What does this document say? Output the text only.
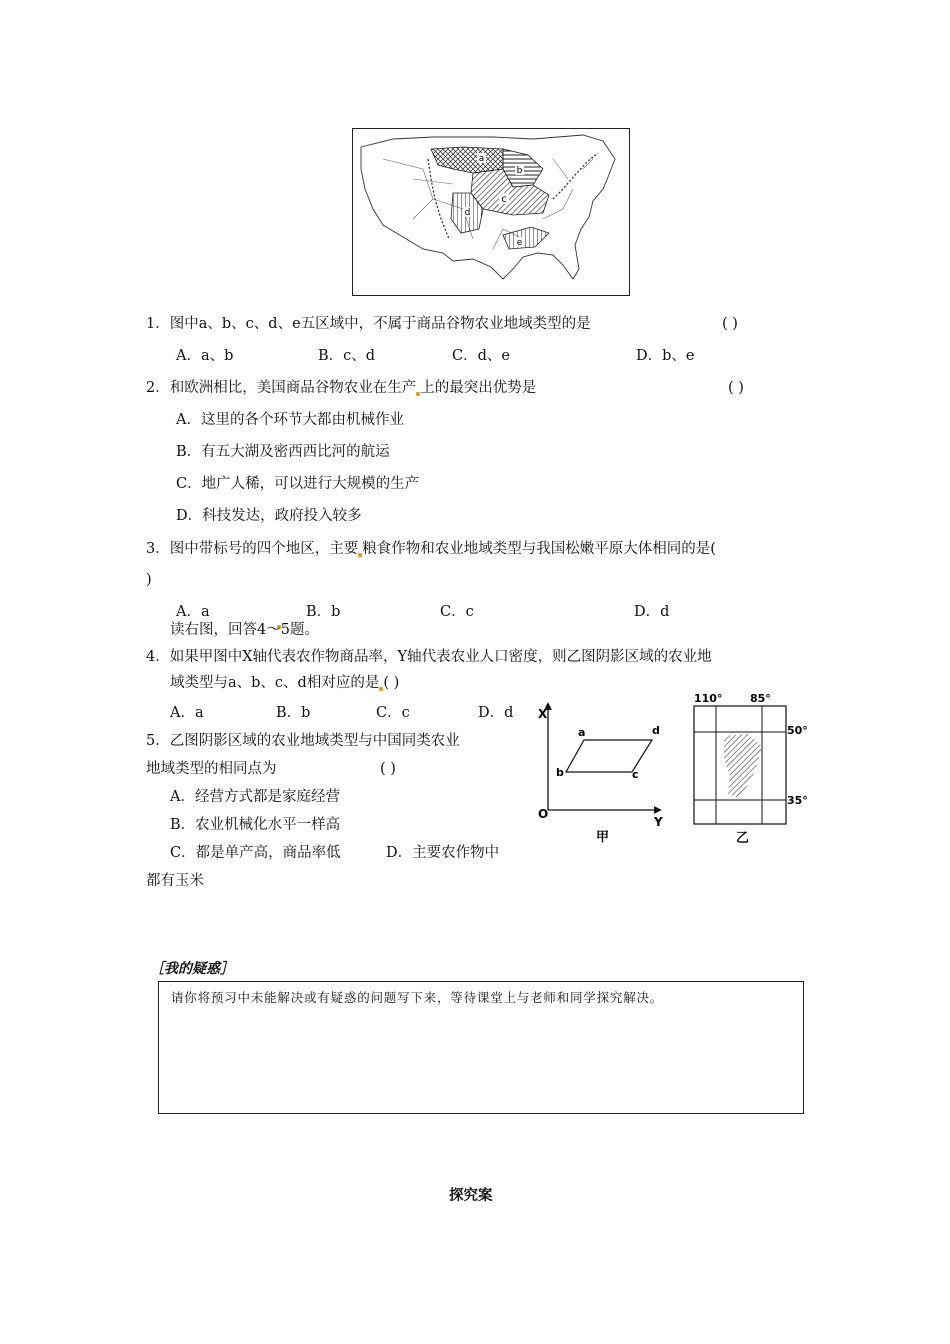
a
b
c
d
e
1．图中a、b、c、d、e五区域中，不属于商品谷物农业地域类型的是	( )
A．a、b	B．c、d	C．d、e	D．b、e
2．和欧洲相比，美国商品谷物农业在生产 上的最突出优势是	( )
A．这里的各个环节大都由机械作业
B．有五大湖及密西西比河的航运
C．地广人稀，可以进行大规模的生产
D．科技发达，政府投入较多
3．图中带标号的四个地区，主要 粮食作物和农业地域类型与我国松嫩平原大体相同的是(
)
A．a	B．b	C．c	D．d
读右图，回答4～5题。
4．如果甲图中X轴代表农作物商品率，Y轴代表农业人口密度，则乙图阴影区域的农业地
域类型与a、b、c、d相对应的是 ( )
A．a	B．b	C．c	D．d
5．乙图阴影区域的农业地域类型与中国同类农业
地域类型的相同点为	( )
A．经营方式都是家庭经营
B．农业机械化水平一样高
C．都是单产高，商品率低	D．主要农作物中
都有玉米
X
Y
O
a
b	c
d
甲
110°	85°
50°
35°
乙
［我的疑惑］
请你将预习中未能解决或有疑惑的问题写下来，等待课堂上与老师和同学探究解决。
探究案
